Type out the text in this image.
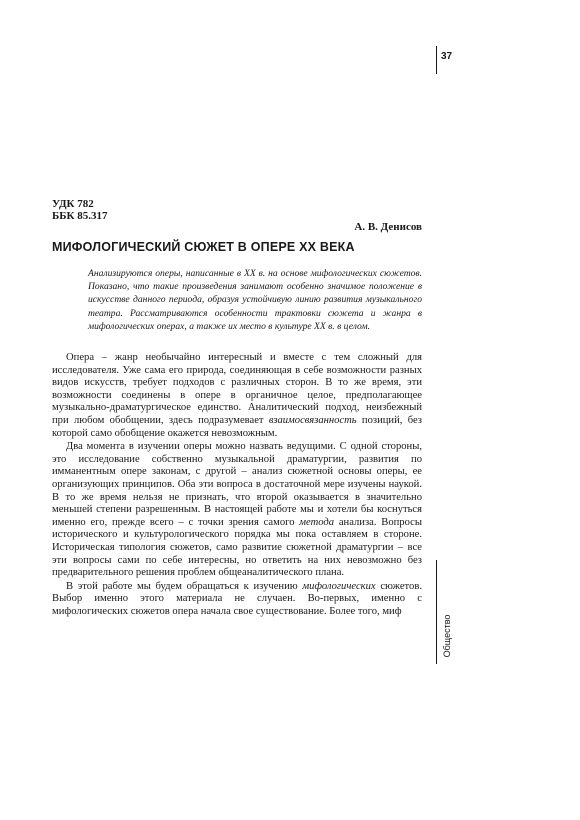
37
Общество
УДК 782
ББК 85.317
А. В. Денисов
МИФОЛОГИЧЕСКИЙ СЮЖЕТ В ОПЕРЕ XX ВЕКА
Анализируются оперы, написанные в XX в. на основе мифологических сюжетов. Показано, что такие произведения занимают особенно значимое положение в искусстве данного периода, образуя устойчивую линию развития музыкального театра. Рассматриваются особенности трактовки сюжета и жанра в мифологических операх, а также их место в культуре XX в. в целом.

Опера – жанр необычайно интересный и вместе с тем сложный для исследователя. Уже сама его природа, соединяющая в себе возможности разных видов искусств, требует подходов с различных сторон. В то же время, эти возможности соединены в опере в органичное целое, предполагающее музыкально-драматургическое единство. Аналитический подход, неизбежный при любом обобщении, здесь подразумевает взаимосвязанность позиций, без которой само обобщение окажется невозможным.

Два момента в изучении оперы можно назвать ведущими. С одной стороны, это исследование собственно музыкальной драматургии, развития по имманентным опере законам, с другой – анализ сюжетной основы оперы, ее организующих принципов. Оба эти вопроса в достаточной мере изучены наукой. В то же время нельзя не признать, что второй оказывается в значительно меньшей степени разрешенным. В настоящей работе мы и хотели бы коснуться именно его, прежде всего – с точки зрения самого метода анализа. Вопросы исторического и культурологического порядка мы пока оставляем в стороне. Историческая типология сюжетов, само развитие сюжетной драматургии – все эти вопросы сами по себе интересны, но ответить на них невозможно без предварительного решения проблем общеаналитического плана.

В этой работе мы будем обращаться к изучению мифологических сюжетов. Выбор именно этого материала не случаен. Во-первых, именно с мифологических сюжетов опера начала свое существование. Более того, миф
